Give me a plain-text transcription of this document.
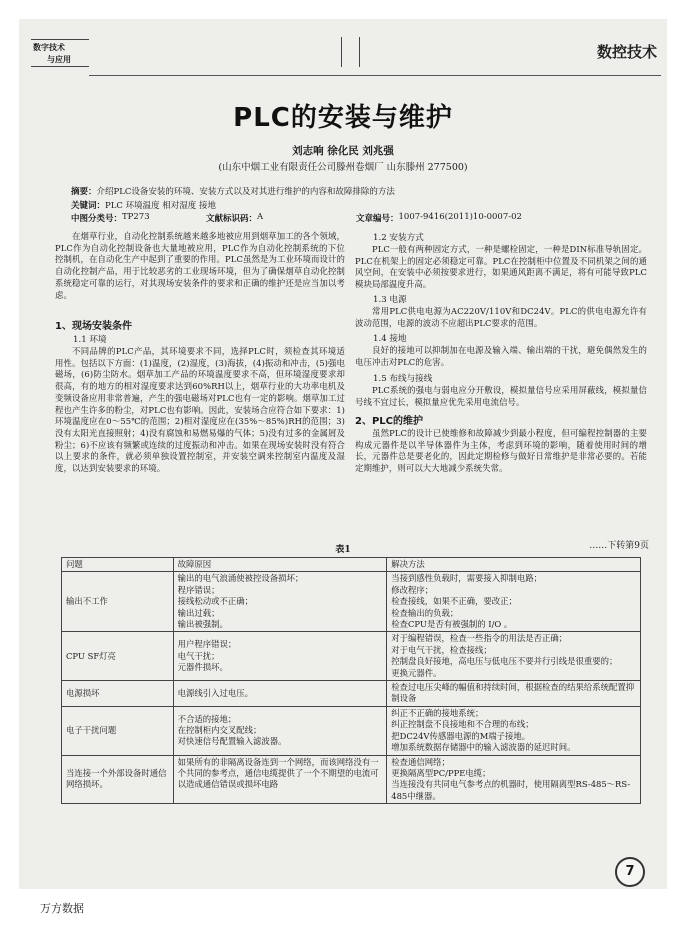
数字技术
与应用	数控技术
PLC的安装与维护
刘志响 徐化民 刘兆强
(山东中烟工业有限责任公司滕州卷烟厂 山东滕州 277500)
摘要：介绍PLC设备安装的环境、安装方式以及对其进行维护的内容和故障排除的方法
关键词：PLC 环境温度 相对湿度 接地
中图分类号： TP273	文献标识码： A	文章编号： 1007-9416(2011)10-0007-02
在烟草行业，自动化控制系统越来越多地被应用到烟草加工的各个领域，PLC作为自动化控制设备也大量地被应用，PLC作为自动化控制系统的下位控制机，在自动化生产中起到了重要的作用。PLC虽然是为工业环境而设计的自动化控制产品，用于比较恶劣的工业现场环境，但为了确保烟草自动化控制系统稳定可靠的运行，对其现场安装条件的要求和正确的维护还是应当加以考虑。
1、现场安装条件
1.1 环境
不同品牌的PLC产品，其环境要求不同，选择PLC时，须检查其环境适用性。包括以下方面：(1)温度，(2)湿度，(3)海拔，(4)振动和冲击，(5)强电磁场，(6)防尘防水。烟草加工产品的环境温度要求不高，但环境湿度要求却很高，有的地方的相对湿度要求达到60%RH以上，烟草行业的大功率电机及变频设备应用非常普遍，产生的强电磁场对PLC也有一定的影响。烟草加工过程也产生许多的粉尘，对PLC也有影响。因此，安装场合应符合如下要求：1)环境温度应在0～55℃的范围；2)相对湿度应在(35%～85%)RH的范围；3)没有太阳光直接照射；4)没有腐蚀和易燃易爆的气体；5)没有过多的金属屑及粉尘；6)不应该有频繁或连续的过度振动和冲击。如果在现场安装时没有符合以上要求的条件，就必须单独设置控制室，并安装空调来控制室内温度及湿度，以达到安装要求的环境。
1.2 安装方式
PLC一般有两种固定方式，一种是螺栓固定，一种是DIN标准导轨固定。PLC在机架上的固定必须稳定可靠。PLC在控制柜中位置及不同机架之间的通风空间，在安装中必须按要求进行，如果通风距离不满足，将有可能导致PLC模块局部温度升高。
1.3 电源
常用PLC供电电源为AC220V/110V和DC24V。PLC的供电电源允许有波动范围，电源的波动不应超出PLC要求的范围。
1.4 接地
良好的接地可以抑制加在电源及输入端、输出端的干扰，避免偶然发生的电压冲击对PLC的危害。
1.5 布线与接线
PLC系统的强电与弱电应分开敷设，模拟量信号应采用屏蔽线，模拟量信号线不宜过长，模拟量应优先采用电流信号。
2、PLC的维护
虽然PLC的设计已使维修和故障减少到最小程度，但可编程控制器的主要构成元器件是以半导体器件为主体，考虑到环境的影响，随着使用时间的增长，元器件总是要老化的，因此定期检修与做好日常维护是非常必要的。若能定期维护，则可以大大地减少系统失常。
……下转第9页
表1
问题	故障原因	解决方法
输出不工作	输出的电气浪涌使被控设备损坏；
程序错误；
接线松动或不正确；
输出过载；
输出被强制。	当接到感性负载时，需要接入抑制电路；
修改程序；
检查接线，如果不正确，要改正；
检查输出的负载；
检查CPU是否有被强制的 I/O 。

CPU SF灯亮	用户程序错误；
电气干扰；
元器件损坏。	对于编程错误，检查一些指令的用法是否正确；
对于电气干扰，检查接线；
控制盘良好接地，高电压与低电压不要并行引线是很重要的；
更换元器件。

电源损坏	电源线引入过电压。	检查过电压尖峰的幅值和持续时间，根据检查的结果给系统配置抑制设备

电子干扰问题	不合适的接地；
在控制柜内交叉配线；
对快速信号配置输入滤波器。	纠正不正确的接地系统；
纠正控制盘不良接地和不合理的布线；
把DC24V传感器电源的M端子接地。
增加系统数据存储器中的输入滤波器的延迟时间。

当连接一个外部设备时通信网络损坏。	如果所有的非隔离设备连到一个网络，而该网络没有一个共同的参考点，通信电缆提供了一个不期望的电流可以造成通信错误或损坏电路	检查通信网络；
更换隔离型PC/PPE电缆；
当连接没有共同电气参考点的机器时，使用隔离型RS-485～RS-485中继器。
7
万方数据
